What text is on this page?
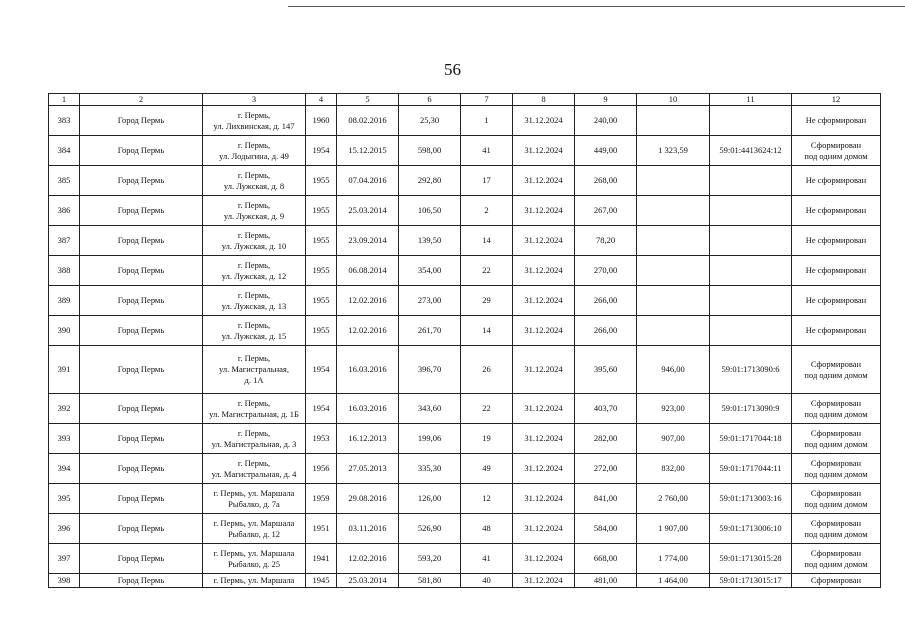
56
1	2	3	4	5	6	7	8	9	10	11	12
383	Город Пермь	г. Пермь,
ул. Лихвинская, д. 147	1960	08.02.2016	25,30	1	31.12.2024	240,00			Не сформирован
384	Город Пермь	г. Пермь,
ул. Лодыгина, д. 49	1954	15.12.2015	598,00	41	31.12.2024	449,00	1 323,59	59:01:4413624:12	Сформирован
под одним домом
385	Город Пермь	г. Пермь,
ул. Лужская, д. 8	1955	07.04.2016	292,80	17	31.12.2024	268,00			Не сформирован
386	Город Пермь	г. Пермь,
ул. Лужская, д. 9	1955	25.03.2014	106,50	2	31.12.2024	267,00			Не сформирован
387	Город Пермь	г. Пермь,
ул. Лужская, д. 10	1955	23.09.2014	139,50	14	31.12.2024	78,20			Не сформирован
388	Город Пермь	г. Пермь,
ул. Лужская, д. 12	1955	06.08.2014	354,00	22	31.12.2024	270,00			Не сформирован
389	Город Пермь	г. Пермь,
ул. Лужская, д. 13	1955	12.02.2016	273,00	29	31.12.2024	266,00			Не сформирован
390	Город Пермь	г. Пермь,
ул. Лужская, д. 15	1955	12.02.2016	261,70	14	31.12.2024	266,00			Не сформирован
391	Город Пермь	г. Пермь,
ул. Магистральная,
д. 1А	1954	16.03.2016	396,70	26	31.12.2024	395,60	946,00	59:01:1713090:6	Сформирован
под одним домом
392	Город Пермь	г. Пермь,
ул. Магистральная, д. 1Б	1954	16.03.2016	343,60	22	31.12.2024	403,70	923,00	59:01:1713090:9	Сформирован
под одним домом
393	Город Пермь	г. Пермь,
ул. Магистральная, д. 3	1953	16.12.2013	199,06	19	31.12.2024	282,00	907,00	59:01:1717044:18	Сформирован
под одним домом
394	Город Пермь	г. Пермь,
ул. Магистральная, д. 4	1956	27.05.2013	335,30	49	31.12.2024	272,00	832,00	59:01:1717044:11	Сформирован
под одним домом
395	Город Пермь	г. Пермь, ул. Маршала
Рыбалко, д. 7а	1959	29.08.2016	126,00	12	31.12.2024	841,00	2 760,00	59:01:1713003:16	Сформирован
под одним домом
396	Город Пермь	г. Пермь, ул. Маршала
Рыбалко, д. 12	1951	03.11.2016	526,90	48	31.12.2024	584,00	1 907,00	59:01:1713006:10	Сформирован
под одним домом
397	Город Пермь	г. Пермь, ул. Маршала
Рыбалко, д. 25	1941	12.02.2016	593,20	41	31.12.2024	668,00	1 774,00	59:01:1713015:28	Сформирован
под одним домом
398	Город Пермь	г. Пермь, ул. Маршала	1945	25.03.2014	581,80	40	31.12.2024	481,00	1 464,00	59:01:1713015:17	Сформирован
